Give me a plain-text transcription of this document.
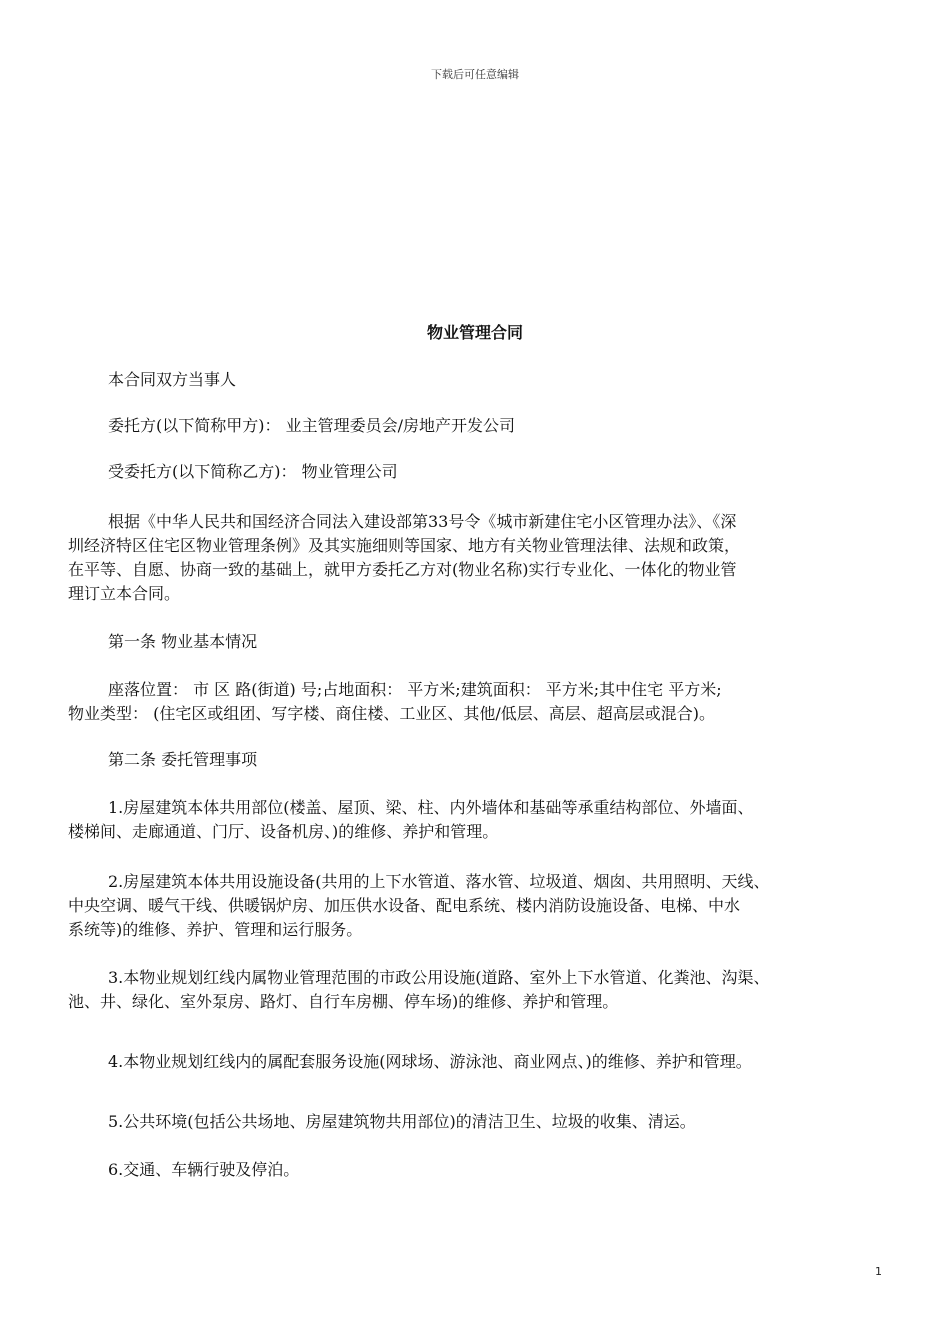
下载后可任意编辑
物业管理合同
本合同双方当事人
委托方(以下简称甲方)： 业主管理委员会/房地产开发公司
受委托方(以下简称乙方)： 物业管理公司
根据《中华人民共和国经济合同法入建设部第33号令《城市新建住宅小区管理办法》、《深
圳经济特区住宅区物业管理条例》及其实施细则等国家、地方有关物业管理法律、法规和政策，
在平等、自愿、协商一致的基础上，就甲方委托乙方对(物业名称)实行专业化、一体化的物业管
理订立本合同。
第一条 物业基本情况
座落位置： 市 区 路(街道) 号;占地面积： 平方米;建筑面积： 平方米;其中住宅 平方米;
物业类型： (住宅区或组团、写字楼、商住楼、工业区、其他/低层、高层、超高层或混合)。
第二条 委托管理事项
1.房屋建筑本体共用部位(楼盖、屋顶、梁、柱、内外墙体和基础等承重结构部位、外墙面、
楼梯间、走廊通道、门厅、设备机房、)的维修、养护和管理。
2.房屋建筑本体共用设施设备(共用的上下水管道、落水管、垃圾道、烟囱、共用照明、天线、
中央空调、暖气干线、供暖锅炉房、加压供水设备、配电系统、楼内消防设施设备、电梯、中水
系统等)的维修、养护、管理和运行服务。
3.本物业规划红线内属物业管理范围的市政公用设施(道路、室外上下水管道、化粪池、沟渠、
池、井、绿化、室外泵房、路灯、自行车房棚、停车场)的维修、养护和管理。
4.本物业规划红线内的属配套服务设施(网球场、游泳池、商业网点、)的维修、养护和管理。
5.公共环境(包括公共场地、房屋建筑物共用部位)的清洁卫生、垃圾的收集、清运。
6.交通、车辆行驶及停泊。
1
